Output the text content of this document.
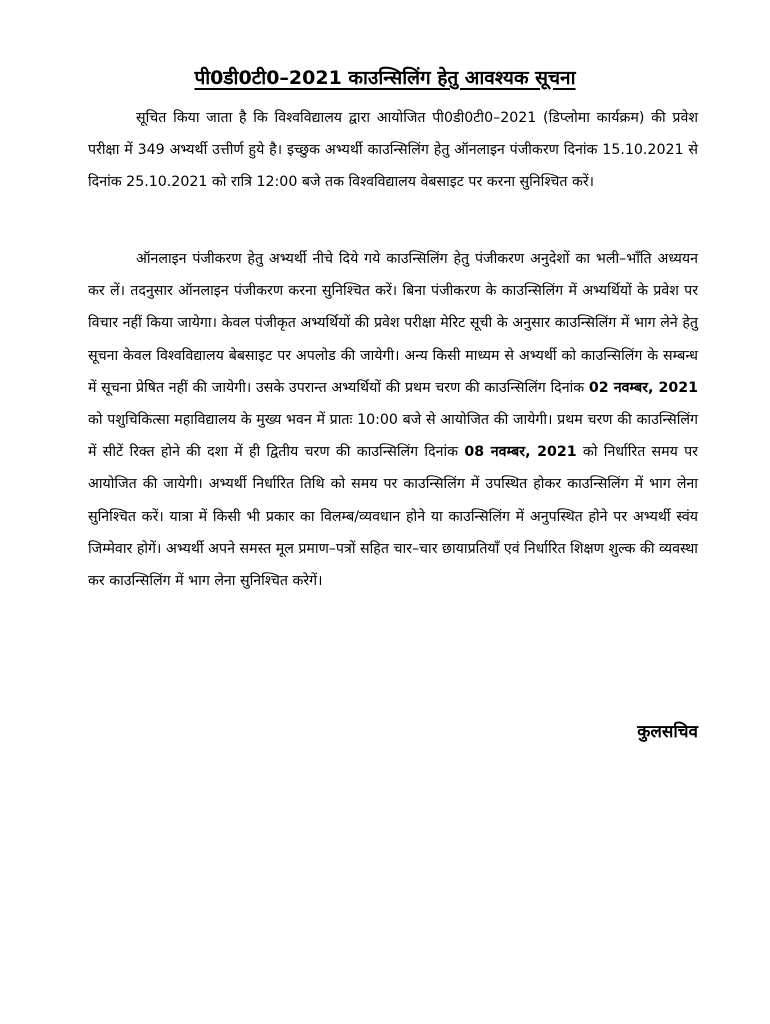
पी0डी0टी0–2021 काउन्सिलिंग हेतु आवश्यक सूचना

सूचित किया जाता है कि विश्वविद्यालय द्वारा आयोजित पी0डी0टी0–2021 (डिप्लोमा कार्यक्रम) की प्रवेश परीक्षा में 349 अभ्यर्थी उत्तीर्ण हुये है। इच्छुक अभ्यर्थी काउन्सिलिंग हेतु ऑनलाइन पंजीकरण दिनांक 15.10.2021 से दिनांक 25.10.2021 को रात्रि 12:00 बजे तक विश्वविद्यालय वेबसाइट पर करना सुनिश्चित करें।

ऑनलाइन पंजीकरण हेतु अभ्यर्थी नीचे दिये गये काउन्सिलिंग हेतु पंजीकरण अनुदेशों का भली–भाँति अध्ययन कर लें। तदनुसार ऑनलाइन पंजीकरण करना सुनिश्चित करें। बिना पंजीकरण के काउन्सिलिंग में अभ्यर्थियों के प्रवेश पर विचार नहीं किया जायेगा। केवल पंजीकृत अभ्यर्थियों की प्रवेश परीक्षा मेरिट सूची के अनुसार काउन्सिलिंग में भाग लेने हेतु सूचना केवल विश्वविद्यालय बेबसाइट पर अपलोड की जायेगी। अन्य किसी माध्यम से अभ्यर्थी को काउन्सिलिंग के सम्बन्ध में सूचना प्रेषित नहीं की जायेगी। उसके उपरान्त अभ्यर्थियों की प्रथम चरण की काउन्सिलिंग दिनांक 02 नवम्बर, 2021 को पशुचिकित्सा महाविद्यालय के मुख्य भवन में प्रातः 10:00 बजे से आयोजित की जायेगी। प्रथम चरण की काउन्सिलिंग में सीटें रिक्त होने की दशा में ही द्वितीय चरण की काउन्सिलिंग दिनांक 08 नवम्बर, 2021 को निर्धारित समय पर आयोजित की जायेगी। अभ्यर्थी निर्धारित तिथि को समय पर काउन्सिलिंग में उपस्थित होकर काउन्सिलिंग में भाग लेना सुनिश्चित करें। यात्रा में किसी भी प्रकार का विलम्ब/व्यवधान होने या काउन्सिलिंग में अनुपस्थित होने पर अभ्यर्थी स्वंय जिम्मेवार होगें। अभ्यर्थी अपने समस्त मूल प्रमाण–पत्रों सहित चार–चार छायाप्रतियाँ एवं निर्धारित शिक्षण शुल्क की व्यवस्था कर काउन्सिलिंग में भाग लेना सुनिश्चित करेगें।

कुलसचिव
